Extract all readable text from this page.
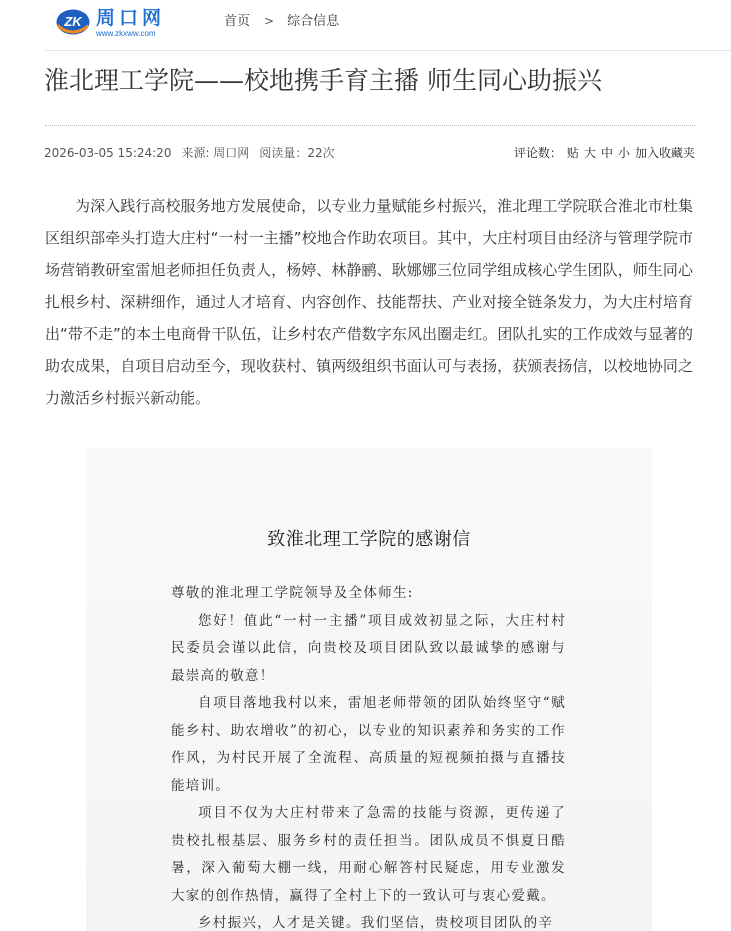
ZK 周口网
www.zkxww.com
首页 > 综合信息
淮北理工学院——校地携手育主播 师生同心助振兴
2026-03-05 15:24:20 来源: 周口网 阅读量：22次	评论数： 贴 大 中 小 加入收藏夹

为深入践行高校服务地方发展使命，以专业力量赋能乡村振兴，淮北理工学院联合淮北市杜集区组织部牵头打造大庄村“一村一主播”校地合作助农项目。其中，大庄村项目由经济与管理学院市场营销教研室雷旭老师担任负责人，杨婷、林静鹂、耿娜娜三位同学组成核心学生团队，师生同心扎根乡村、深耕细作，通过人才培育、内容创作、技能帮扶、产业对接全链条发力，为大庄村培育出“带不走”的本土电商骨干队伍，让乡村农产借数字东风出圈走红。团队扎实的工作成效与显著的助农成果，自项目启动至今，现收获村、镇两级组织书面认可与表扬，获颁表扬信，以校地协同之力激活乡村振兴新动能。

致淮北理工学院的感谢信

尊敬的淮北理工学院领导及全体师生:

您好！值此“一村一主播”项目成效初显之际，大庄村村民委员会谨以此信，向贵校及项目团队致以最诚挚的感谢与最崇高的敬意！

自项目落地我村以来，雷旭老师带领的团队始终坚守“赋能乡村、助农增收”的初心，以专业的知识素养和务实的工作作风，为村民开展了全流程、高质量的短视频拍摄与直播技能培训。

项目不仅为大庄村带来了急需的技能与资源，更传递了贵校扎根基层、服务乡村的责任担当。团队成员不惧夏日酷暑，深入葡萄大棚一线，用耐心解答村民疑虑，用专业激发大家的创作热情，赢得了全村上下的一致认可与衷心爱戴。

乡村振兴，人才是关键。我们坚信，贵校项目团队的辛
